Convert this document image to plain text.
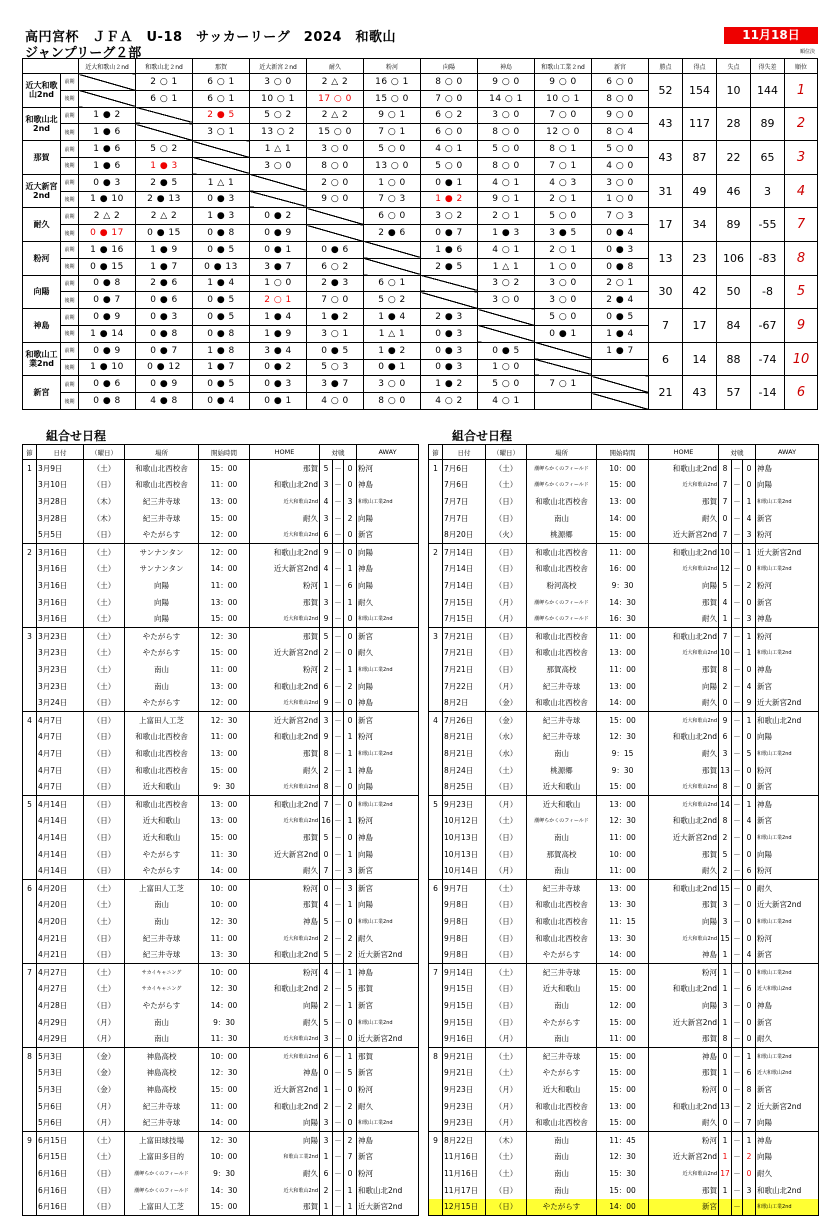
高円宮杯　ＪＦＡ　U-18　サッカーリーグ　2024　和歌山
ジャンプリーグ２部
11月18日
順位決
		近大和歌山２nd	和歌山北２nd	那賀	近大新宮２nd	耐久	粉河	向陽	神島	和歌山工業２nd	新宮	勝点	得点	失点	得失差	順位
近大和歌山2nd	前期		2 ○ 1	6 ○ 1	3 ○ 0	2 △ 2	16 ○ 1	8 ○ 0	9 ○ 0	9 ○ 0	6 ○ 0	52	154	10	144	1
	後期		6 ○ 1	6 ○ 1	10 ○ 1	17 ○ 0	15 ○ 0	7 ○ 0	14 ○ 1	10 ○ 1	8 ○ 0					
和歌山北2nd	前期	1 ● 2		2 ● 5	5 ○ 2	2 △ 2	9 ○ 1	6 ○ 2	3 ○ 0	7 ○ 0	9 ○ 0	43	117	28	89	2
	後期	1 ● 6		3 ○ 1	13 ○ 2	15 ○ 0	7 ○ 1	6 ○ 0	8 ○ 0	12 ○ 0	8 ○ 4					
那賀	前期	1 ● 6	5 ○ 2		1 △ 1	3 ○ 0	5 ○ 0	4 ○ 1	5 ○ 0	8 ○ 1	5 ○ 0	43	87	22	65	3
	後期	1 ● 6	1 ● 3		3 ○ 0	8 ○ 0	13 ○ 0	5 ○ 0	8 ○ 0	7 ○ 1	4 ○ 0					
近大新宮2nd	前期	0 ● 3	2 ● 5	1 △ 1		2 ○ 0	1 ○ 0	0 ● 1	4 ○ 1	4 ○ 3	3 ○ 0	31	49	46	3	4
	後期	1 ● 10	2 ● 13	0 ● 3		9 ○ 0	7 ○ 3	1 ● 2	9 ○ 1	2 ○ 1	1 ○ 0					
耐久	前期	2 △ 2	2 △ 2	1 ● 3	0 ● 2		6 ○ 0	3 ○ 2	2 ○ 1	5 ○ 0	7 ○ 3	17	34	89	-55	7
	後期	0 ● 17	0 ● 15	0 ● 8	0 ● 9		2 ● 6	0 ● 7	1 ● 3	3 ● 5	0 ● 4					
粉河	前期	1 ● 16	1 ● 9	0 ● 5	0 ● 1	0 ● 6		1 ● 6	4 ○ 1	2 ○ 1	0 ● 3	13	23	106	-83	8
	後期	0 ● 15	1 ● 7	0 ● 13	3 ● 7	6 ○ 2		2 ● 5	1 △ 1	1 ○ 0	0 ● 8					
向陽	前期	0 ● 8	2 ● 6	1 ● 4	1 ○ 0	2 ● 3	6 ○ 1		3 ○ 2	3 ○ 0	2 ○ 1	30	42	50	-8	5
	後期	0 ● 7	0 ● 6	0 ● 5	2 ○ 1	7 ○ 0	5 ○ 2		3 ○ 0	3 ○ 0	2 ● 4					
神島	前期	0 ● 9	0 ● 3	0 ● 5	1 ● 4	1 ● 2	1 ● 4	2 ● 3		5 ○ 0	0 ● 5	7	17	84	-67	9
	後期	1 ● 14	0 ● 8	0 ● 8	1 ● 9	3 ○ 1	1 △ 1	0 ● 3		0 ● 1	1 ● 4					
和歌山工業2nd	前期	0 ● 9	0 ● 7	1 ● 8	3 ● 4	0 ● 5	1 ● 2	0 ● 3	0 ● 5		1 ● 7	6	14	88	-74	10
	後期	1 ● 10	0 ● 12	1 ● 7	0 ● 2	5 ○ 3	0 ● 1	0 ● 3	1 ○ 0							
新宮	前期	0 ● 6	0 ● 9	0 ● 5	0 ● 3	3 ● 7	3 ○ 0	1 ● 2	5 ○ 0	7 ○ 1		21	43	57	-14	6
	後期	0 ● 8	4 ● 8	0 ● 4	0 ● 1	4 ○ 0	8 ○ 0	4 ○ 2	4 ○ 1							
組合せ日程	組合せ日程
節	日付	（曜日）	場所	開始時間	HOME	対戦			AWAY
1	3月9日	（土）	和歌山北西校舎	15：00	那賀	5	－	0	粉河
	3月10日	（日）	和歌山北西校舎	11：00	和歌山北2nd	3	－	0	神島
	3月28日	（木）	紀三井寺球	13：00	近大和歌山2nd	4	－	3	和歌山工業2nd
	3月28日	（木）	紀三井寺球	15：00	耐久	3	－	2	向陽
	5月5日	（日）	やたがらす	12：00	近大和歌山2nd	6	－	0	新宮
2	3月16日	（土）	サンナンタン	12：00	和歌山北2nd	9	－	0	向陽
	3月16日	（土）	サンナンタン	14：00	近大新宮2nd	4	－	1	神島
	3月16日	（土）	向陽	11：00	粉河	1	－	6	向陽
	3月16日	（土）	向陽	13：00	那賀	3	－	1	耐久
	3月16日	（土）	向陽	15：00	近大和歌山2nd	9	－	0	和歌山工業2nd
3	3月23日	（土）	やたがらす	12：30	那賀	5	－	0	新宮
	3月23日	（土）	やたがらす	15：00	近大新宮2nd	2	－	0	耐久
	3月23日	（土）	南山	11：00	粉河	2	－	1	和歌山工業2nd
	3月23日	（土）	南山	13：00	和歌山北2nd	6	－	2	向陽
	3月24日	（日）	やたがらす	12：00	近大和歌山2nd	9	－	0	神島
4	4月7日	（日）	上富田人工芝	12：30	近大新宮2nd	3	－	0	新宮
	4月7日	（日）	和歌山北西校舎	11：00	和歌山北2nd	9	－	1	粉河
	4月7日	（日）	和歌山北西校舎	13：00	那賀	8	－	1	和歌山工業2nd
	4月7日	（日）	和歌山北西校舎	15：00	耐久	2	－	1	神島
	4月7日	（日）	近大和歌山	9：30	近大和歌山2nd	8	－	0	向陽
5	4月14日	（日）	和歌山北西校舎	13：00	和歌山北2nd	7	－	0	和歌山工業2nd
	4月14日	（日）	近大和歌山	13：00	近大和歌山2nd	16	－	1	粉河
	4月14日	（日）	近大和歌山	15：00	那賀	5	－	0	神島
	4月14日	（日）	やたがらす	11：30	近大新宮2nd	0	－	1	向陽
	4月14日	（日）	やたがらす	14：00	耐久	7	－	3	新宮
6	4月20日	（土）	上富田人工芝	10：00	粉河	0	－	3	新宮
	4月20日	（土）	南山	10：00	那賀	4	－	1	向陽
	4月20日	（土）	南山	12：30	神島	5	－	0	和歌山工業2nd
	4月21日	（日）	紀三井寺球	11：00	近大和歌山2nd	2	－	2	耐久
	4月21日	（日）	紀三井寺球	13：30	和歌山北2nd	5	－	2	近大新宮2nd
7	4月27日	（土）	サカイキャニング	10：00	粉河	4	－	1	神島
	4月27日	（土）	サカイキャニング	12：30	和歌山北2nd	2	－	5	那賀
	4月28日	（日）	やたがらす	14：00	向陽	2	－	1	新宮
	4月29日	（月）	南山	9：30	耐久	5	－	0	和歌山工業2nd
	4月29日	（月）	南山	11：30	近大和歌山2nd	3	－	0	近大新宮2nd
8	5月3日	（金）	神島高校	10：00	近大和歌山2nd	6	－	1	那賀
	5月3日	（金）	神島高校	12：30	神島	0	－	5	新宮
	5月3日	（金）	神島高校	15：00	近大新宮2nd	1	－	0	粉河
	5月6日	（月）	紀三井寺球	11：00	和歌山北2nd	2	－	2	耐久
	5月6日	（月）	紀三井寺球	14：00	向陽	3	－	0	和歌山工業2nd
9	6月15日	（土）	上富田球技場	12：30	向陽	3	－	2	神島
	6月15日	（土）	上富田多目的	10：00	和歌山工業2nd	1	－	7	新宮
	6月16日	（日）	潮岬ちかくのフィールド	9：30	耐久	6	－	0	粉河
	6月16日	（日）	潮岬ちかくのフィールド	14：30	近大和歌山2nd	2	－	1	和歌山北2nd
	6月16日	（日）	上富田人工芝	15：00	那賀	1	－	1	近大新宮2nd
節	日付	（曜日）	場所	開始時間	HOME	対戦			AWAY
1	7月6日	（土）	潮岬ちかくのフィールド	10：00	和歌山北2nd	8	－	0	神島
	7月6日	（土）	潮岬ちかくのフィールド	15：00	近大和歌山2nd	7	－	0	向陽
	7月7日	（日）	和歌山北西校舎	13：00	那賀	7	－	1	和歌山工業2nd
	7月7日	（日）	南山	14：00	耐久	0	－	4	新宮
	8月20日	（火）	桃源郷	15：00	近大新宮2nd	7	－	3	粉河
2	7月14日	（日）	和歌山北西校舎	11：00	和歌山北2nd	10	－	1	近大新宮2nd
	7月14日	（日）	和歌山北西校舎	16：00	近大和歌山2nd	12	－	0	和歌山工業2nd
	7月14日	（日）	粉河高校	9：30	向陽	5	－	2	粉河
	7月15日	（月）	潮岬ちかくのフィールド	14：30	那賀	4	－	0	新宮
	7月15日	（月）	潮岬ちかくのフィールド	16：30	耐久	1	－	3	神島
3	7月21日	（日）	和歌山北西校舎	11：00	和歌山北2nd	7	－	1	粉河
	7月21日	（日）	和歌山北西校舎	13：00	近大和歌山2nd	10	－	1	和歌山工業2nd
	7月21日	（日）	那賀高校	11：00	那賀	8	－	0	神島
	7月22日	（月）	紀三井寺球	13：00	向陽	2	－	4	新宮
	8月2日	（金）	和歌山北西校舎	14：00	耐久	0	－	9	近大新宮2nd
4	7月26日	（金）	紀三井寺球	15：00	近大和歌山2nd	9	－	1	和歌山北2nd
	8月21日	（水）	紀三井寺球	12：30	和歌山北2nd	6	－	0	向陽
	8月21日	（水）	南山	9：15	耐久	3	－	5	和歌山工業2nd
	8月24日	（土）	桃源郷	9：30	那賀	13	－	0	粉河
	8月25日	（日）	近大和歌山	15：00	近大和歌山2nd	8	－	0	新宮
5	9月23日	（月）	近大和歌山	13：00	近大和歌山2nd	14	－	1	神島
	10月12日	（土）	潮岬ちかくのフィールド	12：30	和歌山北2nd	8	－	4	新宮
	10月13日	（日）	南山	11：00	近大新宮2nd	2	－	0	和歌山工業2nd
	10月13日	（日）	那賀高校	10：00	那賀	5	－	0	向陽
	10月14日	（月）	南山	11：00	耐久	2	－	6	粉河
6	9月7日	（土）	紀三井寺球	13：00	和歌山北2nd	15	－	0	耐久
	9月8日	（日）	和歌山北西校舎	13：30	那賀	3	－	0	近大新宮2nd
	9月8日	（日）	和歌山北西校舎	11：15	向陽	3	－	0	和歌山工業2nd
	9月8日	（日）	和歌山北西校舎	13：30	近大和歌山2nd	15	－	0	粉河
	9月8日	（日）	やたがらす	14：00	神島	1	－	4	新宮
7	9月14日	（土）	紀三井寺球	15：00	粉河	1	－	0	和歌山工業2nd
	9月15日	（日）	近大和歌山	15：00	和歌山北2nd	1	－	6	近大和歌山2nd
	9月15日	（日）	南山	12：00	向陽	3	－	0	神島
	9月15日	（日）	やたがらす	15：00	近大新宮2nd	1	－	0	新宮
	9月16日	（月）	南山	11：00	那賀	8	－	0	耐久
8	9月21日	（土）	紀三井寺球	15：00	神島	0	－	1	和歌山工業2nd
	9月21日	（土）	やたがらす	15：00	那賀	1	－	6	近大和歌山2nd
	9月23日	（月）	近大和歌山	15：00	粉河	0	－	8	新宮
	9月23日	（月）	和歌山北西校舎	13：00	和歌山北2nd	13	－	2	近大新宮2nd
	9月23日	（月）	和歌山北西校舎	15：00	耐久	0	－	7	向陽
9	8月22日	（木）	南山	11：45	粉河	1	－	1	神島
	11月16日	（土）	南山	12：30	近大新宮2nd	1	－	2	向陽
	11月16日	（土）	南山	15：30	近大和歌山2nd	17	－	0	耐久
	11月17日	（日）	南山	15：00	那賀	1	－	3	和歌山北2nd
	12月15日	（日）	やたがらす	14：00	新宮		－		和歌山工業2nd
